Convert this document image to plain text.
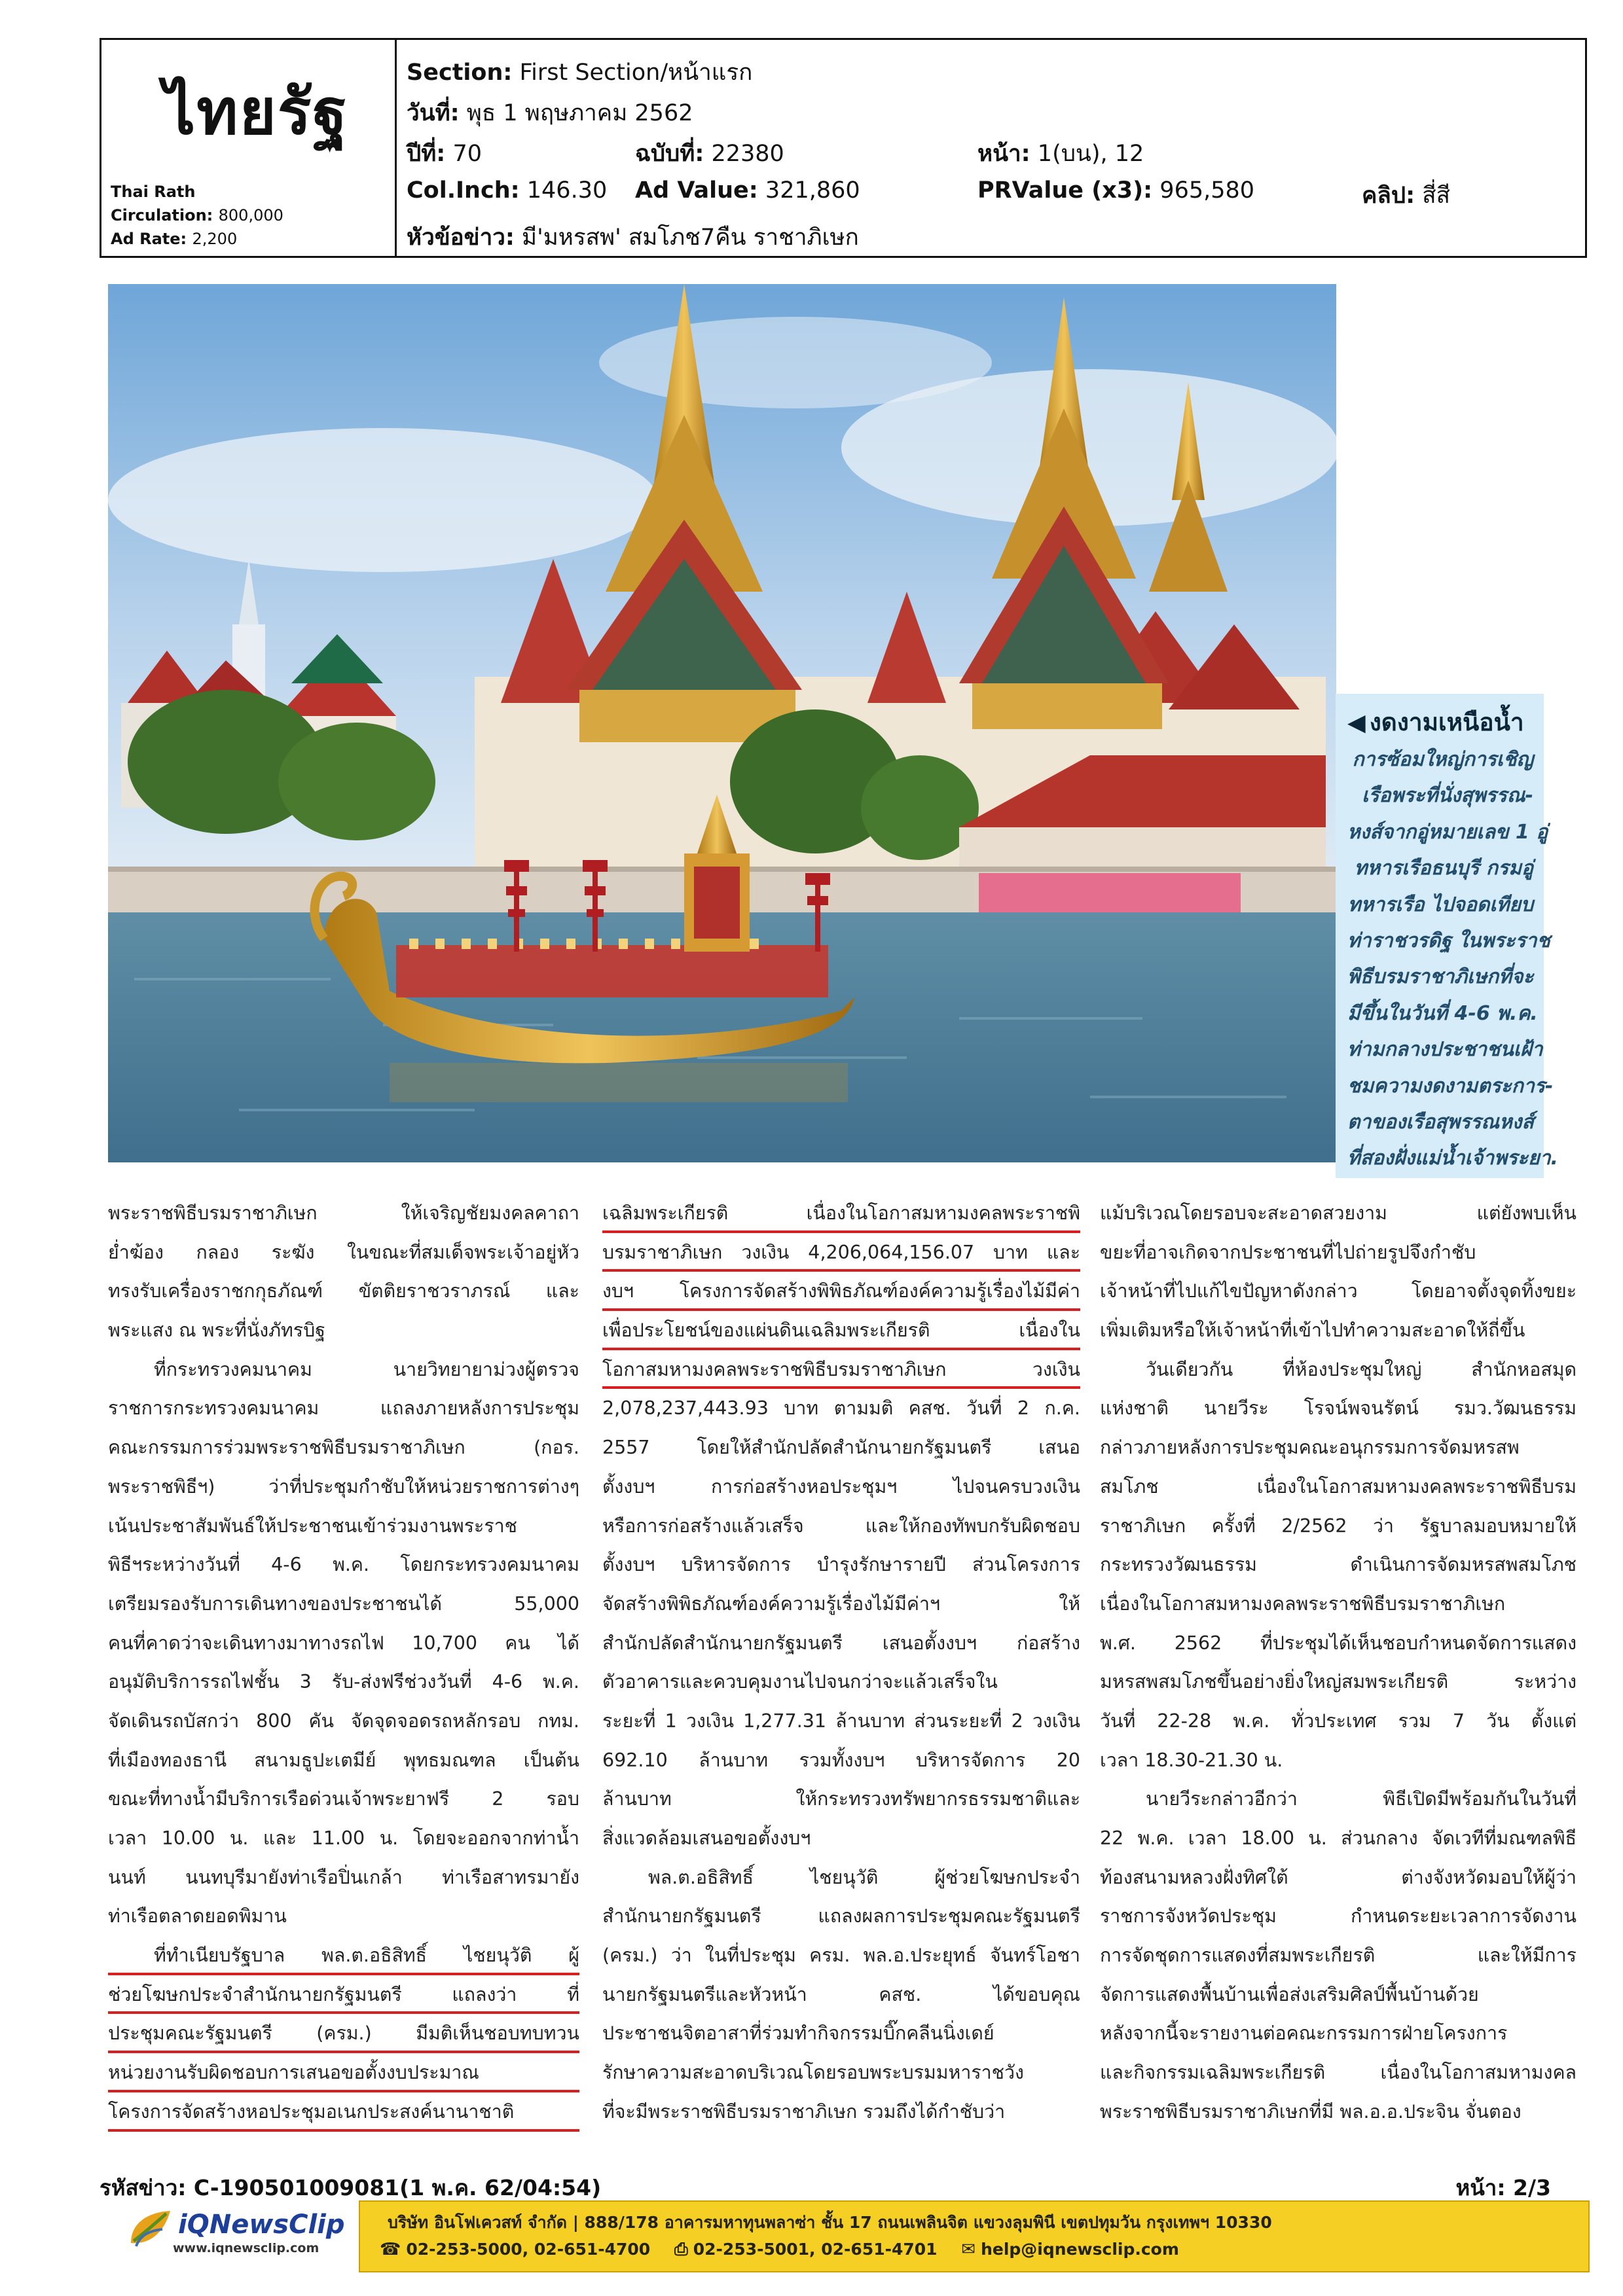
ไทยรัฐ
Thai Rath
Circulation: 800,000
Ad Rate: 2,200
Section: First Section/หน้าแรก
วันที่: พุธ 1 พฤษภาคม 2562
ปีที่: 70	ฉบับที่: 22380	หน้า: 1(บน), 12
Col.Inch: 146.30 Ad Value: 321,860	PRValue (x3): 965,580	คลิป: สี่สี
หัวข้อข่าว: มี'มหรสพ' สมโภช7คืน ราชาภิเษก
◀ งดงามเหนือน้ำ
การซ้อมใหญ่การเชิญ
เรือพระที่นั่งสุพรรณ-
หงส์จากอู่หมายเลข 1 อู่
ทหารเรือธนบุรี กรมอู่
ทหารเรือ ไปจอดเทียบ
ท่าราชวรดิฐ ในพระราช
พิธีบรมราชาภิเษกที่จะ
มีขึ้นในวันที่ 4-6 พ.ค.
ท่ามกลางประชาชนเฝ้า
ชมความงดงามตระการ-
ตาของเรือสุพรรณหงส์
ที่สองฝั่งแม่น้ำเจ้าพระยา.
พระราชพิธีบรมราชาภิเษก ให้เจริญชัยมงคลคาถา
ย่ำฆ้อง กลอง ระฆัง ในขณะที่สมเด็จพระเจ้าอยู่หัว
ทรงรับเครื่องราชกกุธภัณฑ์ ขัตติยราชวราภรณ์ และ
พระแสง ณ พระที่นั่งภัทรบิฐ
ที่กระทรวงคมนาคม นายวิทยายาม่วงผู้ตรวจ
ราชการกระทรวงคมนาคม แถลงภายหลังการประชุม
คณะกรรมการร่วมพระราชพิธีบรมราชาภิเษก (กอร.
พระราชพิธีฯ) ว่าที่ประชุมกำชับให้หน่วยราชการต่างๆ
เน้นประชาสัมพันธ์ให้ประชาชนเข้าร่วมงานพระราช
พิธีฯระหว่างวันที่ 4-6 พ.ค. โดยกระทรวงคมนาคม
เตรียมรองรับการเดินทางของประชาชนได้ 55,000
คนที่คาดว่าจะเดินทางมาทางรถไฟ 10,700 คน ได้
อนุมัติบริการรถไฟชั้น 3 รับ-ส่งฟรีช่วงวันที่ 4-6 พ.ค.
จัดเดินรถบัสกว่า 800 คัน จัดจุดจอดรถหลักรอบ กทม.
ที่เมืองทองธานี สนามธูปะเตมีย์ พุทธมณฑล เป็นต้น
ขณะที่ทางน้ำมีบริการเรือด่วนเจ้าพระยาฟรี 2 รอบ
เวลา 10.00 น. และ 11.00 น. โดยจะออกจากท่าน้ำ
นนท์ นนทบุรีมายังท่าเรือปิ่นเกล้า ท่าเรือสาทรมายัง
ท่าเรือตลาดยอดพิมาน
ที่ทำเนียบรัฐบาล พล.ต.อธิสิทธิ์ ไชยนุวัติ ผู้
ช่วยโฆษกประจำสำนักนายกรัฐมนตรี แถลงว่า ที่
ประชุมคณะรัฐมนตรี (ครม.) มีมติเห็นชอบทบทวน
หน่วยงานรับผิดชอบการเสนอขอตั้งงบประมาณ
โครงการจัดสร้างหอประชุมอเนกประสงค์นานาชาติ
เฉลิมพระเกียรติ เนื่องในโอกาสมหามงคลพระราชพิ
บรมราชาภิเษก วงเงิน 4,206,064,156.07 บาท และ
งบฯ โครงการจัดสร้างพิพิธภัณฑ์องค์ความรู้เรื่องไม้มีค่า
เพื่อประโยชน์ของแผ่นดินเฉลิมพระเกียรติ เนื่องใน
โอกาสมหามงคลพระราชพิธีบรมราชาภิเษก วงเงิน
2,078,237,443.93 บาท ตามมติ คสช. วันที่ 2 ก.ค.
2557 โดยให้สำนักปลัดสำนักนายกรัฐมนตรี เสนอ
ตั้งงบฯ การก่อสร้างหอประชุมฯ ไปจนครบวงเงิน
หรือการก่อสร้างแล้วเสร็จ และให้กองทัพบกรับผิดชอบ
ตั้งงบฯ บริหารจัดการ บำรุงรักษารายปี ส่วนโครงการ
จัดสร้างพิพิธภัณฑ์องค์ความรู้เรื่องไม้มีค่าฯ ให้
สำนักปลัดสำนักนายกรัฐมนตรี เสนอตั้งงบฯ ก่อสร้าง
ตัวอาคารและควบคุมงานไปจนกว่าจะแล้วเสร็จใน
ระยะที่ 1 วงเงิน 1,277.31 ล้านบาท ส่วนระยะที่ 2 วงเงิน
692.10 ล้านบาท รวมทั้งงบฯ บริหารจัดการ 20
ล้านบาท ให้กระทรวงทรัพยากรธรรมชาติและ
สิ่งแวดล้อมเสนอขอตั้งงบฯ
พล.ต.อธิสิทธิ์ ไชยนุวัติ ผู้ช่วยโฆษกประจำ
สำนักนายกรัฐมนตรี แถลงผลการประชุมคณะรัฐมนตรี
(ครม.) ว่า ในที่ประชุม ครม. พล.อ.ประยุทธ์ จันทร์โอชา
นายกรัฐมนตรีและหัวหน้า คสช. ได้ขอบคุณ
ประชาชนจิตอาสาที่ร่วมทำกิจกรรมบิ๊กคลีนนิ่งเดย์
รักษาความสะอาดบริเวณโดยรอบพระบรมมหาราชวัง
ที่จะมีพระราชพิธีบรมราชาภิเษก รวมถึงได้กำชับว่า
แม้บริเวณโดยรอบจะสะอาดสวยงาม แต่ยังพบเห็น
ขยะที่อาจเกิดจากประชาชนที่ไปถ่ายรูปจึงกำชับ
เจ้าหน้าที่ไปแก้ไขปัญหาดังกล่าว โดยอาจตั้งจุดทิ้งขยะ
เพิ่มเติมหรือให้เจ้าหน้าที่เข้าไปทำความสะอาดให้ถี่ขึ้น
วันเดียวกัน ที่ห้องประชุมใหญ่ สำนักหอสมุด
แห่งชาติ นายวีระ โรจน์พจนรัตน์ รมว.วัฒนธรรม
กล่าวภายหลังการประชุมคณะอนุกรรมการจัดมหรสพ
สมโภช เนื่องในโอกาสมหามงคลพระราชพิธีบรม
ราชาภิเษก ครั้งที่ 2/2562 ว่า รัฐบาลมอบหมายให้
กระทรวงวัฒนธรรม ดำเนินการจัดมหรสพสมโภช
เนื่องในโอกาสมหามงคลพระราชพิธีบรมราชาภิเษก
พ.ศ. 2562 ที่ประชุมได้เห็นชอบกำหนดจัดการแสดง
มหรสพสมโภชขึ้นอย่างยิ่งใหญ่สมพระเกียรติ ระหว่าง
วันที่ 22-28 พ.ค. ทั่วประเทศ รวม 7 วัน ตั้งแต่
เวลา 18.30-21.30 น.
นายวีระกล่าวอีกว่า พิธีเปิดมีพร้อมกันในวันที่
22 พ.ค. เวลา 18.00 น. ส่วนกลาง จัดเวทีที่มณฑลพิธี
ท้องสนามหลวงฝั่งทิศใต้ ต่างจังหวัดมอบให้ผู้ว่า
ราชการจังหวัดประชุม กำหนดระยะเวลาการจัดงาน
การจัดชุดการแสดงที่สมพระเกียรติ และให้มีการ
จัดการแสดงพื้นบ้านเพื่อส่งเสริมศิลป์พื้นบ้านด้วย
หลังจากนี้จะรายงานต่อคณะกรรมการฝ่ายโครงการ
และกิจกรรมเฉลิมพระเกียรติ เนื่องในโอกาสมหามงคล
พระราชพิธีบรมราชาภิเษกที่มี พล.อ.อ.ประจิน จั่นตอง
รหัสข่าว: C-190501009081(1 พ.ค. 62/04:54)	หน้า: 2/3
iQNewsClip
www.iqnewsclip.com
บริษัท อินโฟเควสท์ จำกัด | 888/178 อาคารมหาทุนพลาซ่า ชั้น 17 ถนนเพลินจิต แขวงลุมพินี เขตปทุมวัน กรุงเทพฯ 10330
☎ 02-253-5000, 02-651-4700 ⎙ 02-253-5001, 02-651-4701 ✉ help@iqnewsclip.com
